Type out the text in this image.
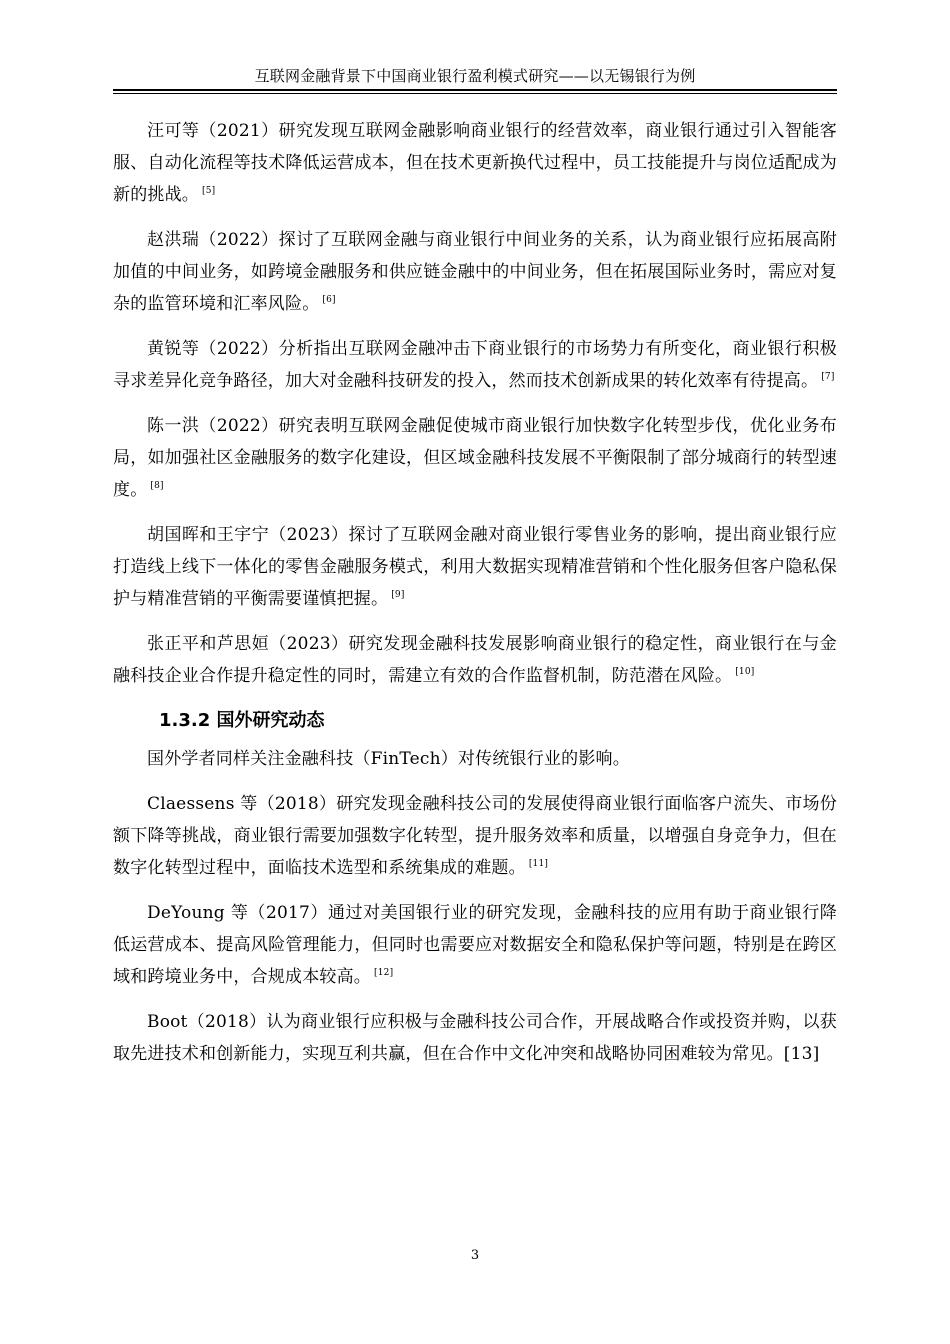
互联网金融背景下中国商业银行盈利模式研究——以无锡银行为例

汪可等（2021）研究发现互联网金融影响商业银行的经营效率，商业银行通过引入智能客服、自动化流程等技术降低运营成本，但在技术更新换代过程中，员工技能提升与岗位适配成为新的挑战。 [5]

赵洪瑞（2022）探讨了互联网金融与商业银行中间业务的关系，认为商业银行应拓展高附加值的中间业务，如跨境金融服务和供应链金融中的中间业务，但在拓展国际业务时，需应对复杂的监管环境和汇率风险。 [6]

黄锐等（2022）分析指出互联网金融冲击下商业银行的市场势力有所变化，商业银行积极寻求差异化竞争路径，加大对金融科技研发的投入，然而技术创新成果的转化效率有待提高。 [7]

陈一洪（2022）研究表明互联网金融促使城市商业银行加快数字化转型步伐，优化业务布局，如加强社区金融服务的数字化建设，但区域金融科技发展不平衡限制了部分城商行的转型速度。 [8]

胡国晖和王宇宁（2023）探讨了互联网金融对商业银行零售业务的影响，提出商业银行应打造线上线下一体化的零售金融服务模式，利用大数据实现精准营销和个性化服务但客户隐私保护与精准营销的平衡需要谨慎把握。 [9]

张正平和芦思姮（2023）研究发现金融科技发展影响商业银行的稳定性，商业银行在与金融科技企业合作提升稳定性的同时，需建立有效的合作监督机制，防范潜在风险。 [10]

1.3.2 国外研究动态

国外学者同样关注金融科技（FinTech）对传统银行业的影响。

Claessens 等（2018）研究发现金融科技公司的发展使得商业银行面临客户流失、市场份额下降等挑战，商业银行需要加强数字化转型，提升服务效率和质量，以增强自身竞争力，但在数字化转型过程中，面临技术选型和系统集成的难题。 [11]

DeYoung 等（2017）通过对美国银行业的研究发现，金融科技的应用有助于商业银行降低运营成本、提高风险管理能力，但同时也需要应对数据安全和隐私保护等问题，特别是在跨区域和跨境业务中，合规成本较高。 [12]

Boot（2018）认为商业银行应积极与金融科技公司合作，开展战略合作或投资并购，以获取先进技术和创新能力，实现互利共赢，但在合作中文化冲突和战略协同困难较为常见。[13]

3
